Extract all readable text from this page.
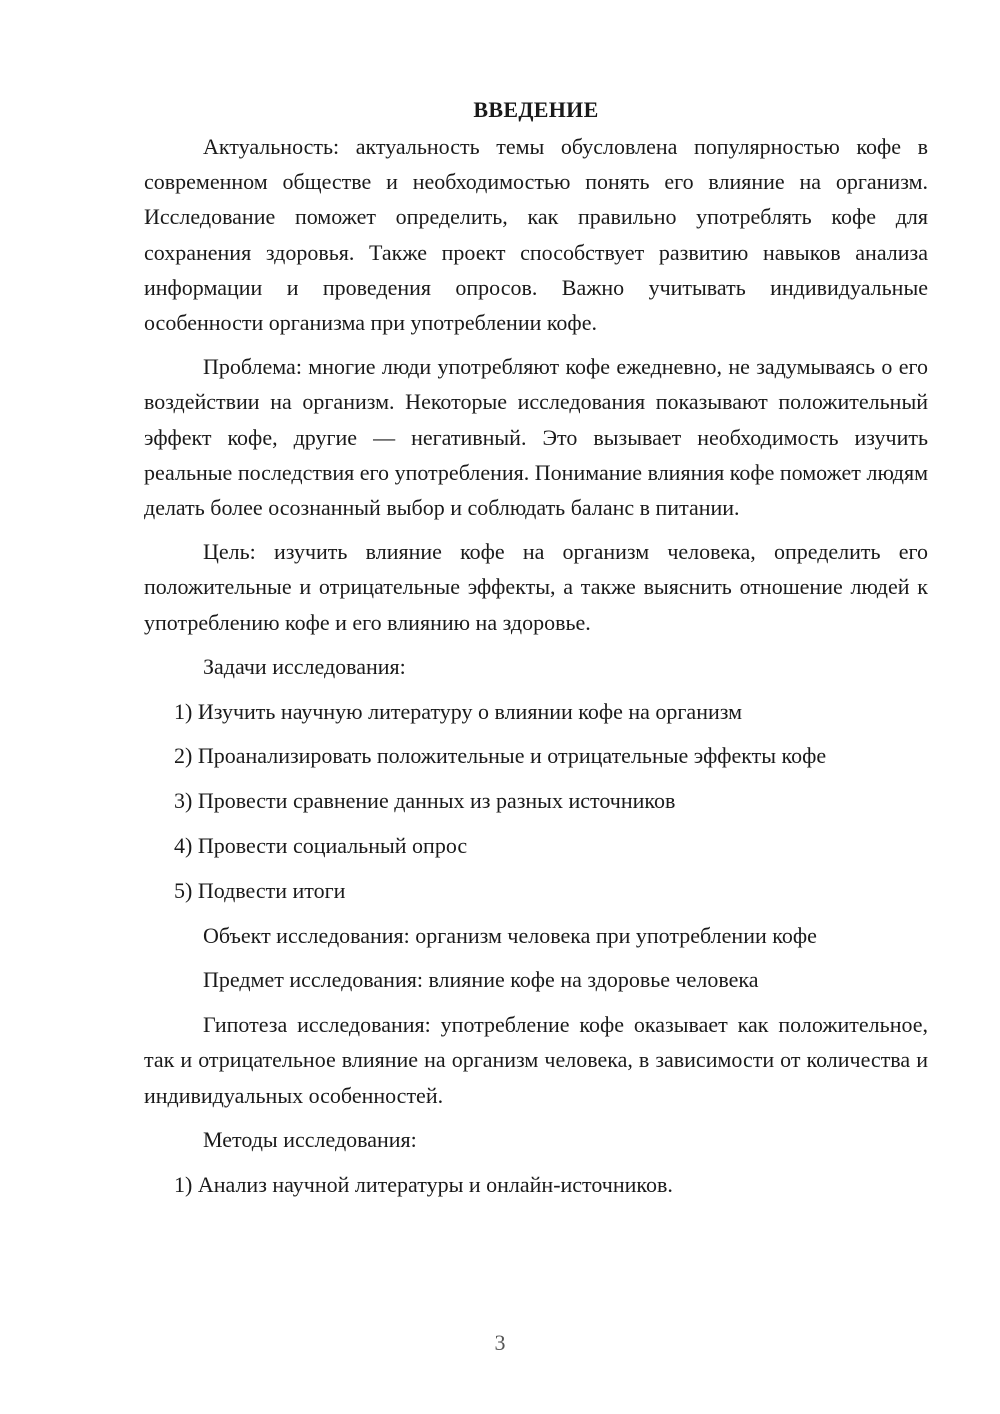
ВВЕДЕНИЕ

Актуальность: актуальность темы обусловлена популярностью кофе в современном обществе и необходимостью понять его влияние на организм. Исследование поможет определить, как правильно употреблять кофе для сохранения здоровья. Также проект способствует развитию навыков анализа информации и проведения опросов. Важно учитывать индивидуальные особенности организма при употреблении кофе.

Проблема: многие люди употребляют кофе ежедневно, не задумываясь о его воздействии на организм. Некоторые исследования показывают положительный эффект кофе, другие — негативный. Это вызывает необходимость изучить реальные последствия его употребления. Понимание влияния кофе поможет людям делать более осознанный выбор и соблюдать баланс в питании.

Цель: изучить влияние кофе на организм человека, определить его положительные и отрицательные эффекты, а также выяснить отношение людей к употреблению кофе и его влиянию на здоровье.

Задачи исследования:
1) Изучить научную литературу о влиянии кофе на организм
2) Проанализировать положительные и отрицательные эффекты кофе
3) Провести сравнение данных из разных источников
4) Провести социальный опрос
5) Подвести итоги
Объект исследования: организм человека при употреблении кофе
Предмет исследования: влияние кофе на здоровье человека

Гипотеза исследования: употребление кофе оказывает как положительное, так и отрицательное влияние на организм человека, в зависимости от количества и индивидуальных особенностей.

Методы исследования:
1) Анализ научной литературы и онлайн-источников.
3
